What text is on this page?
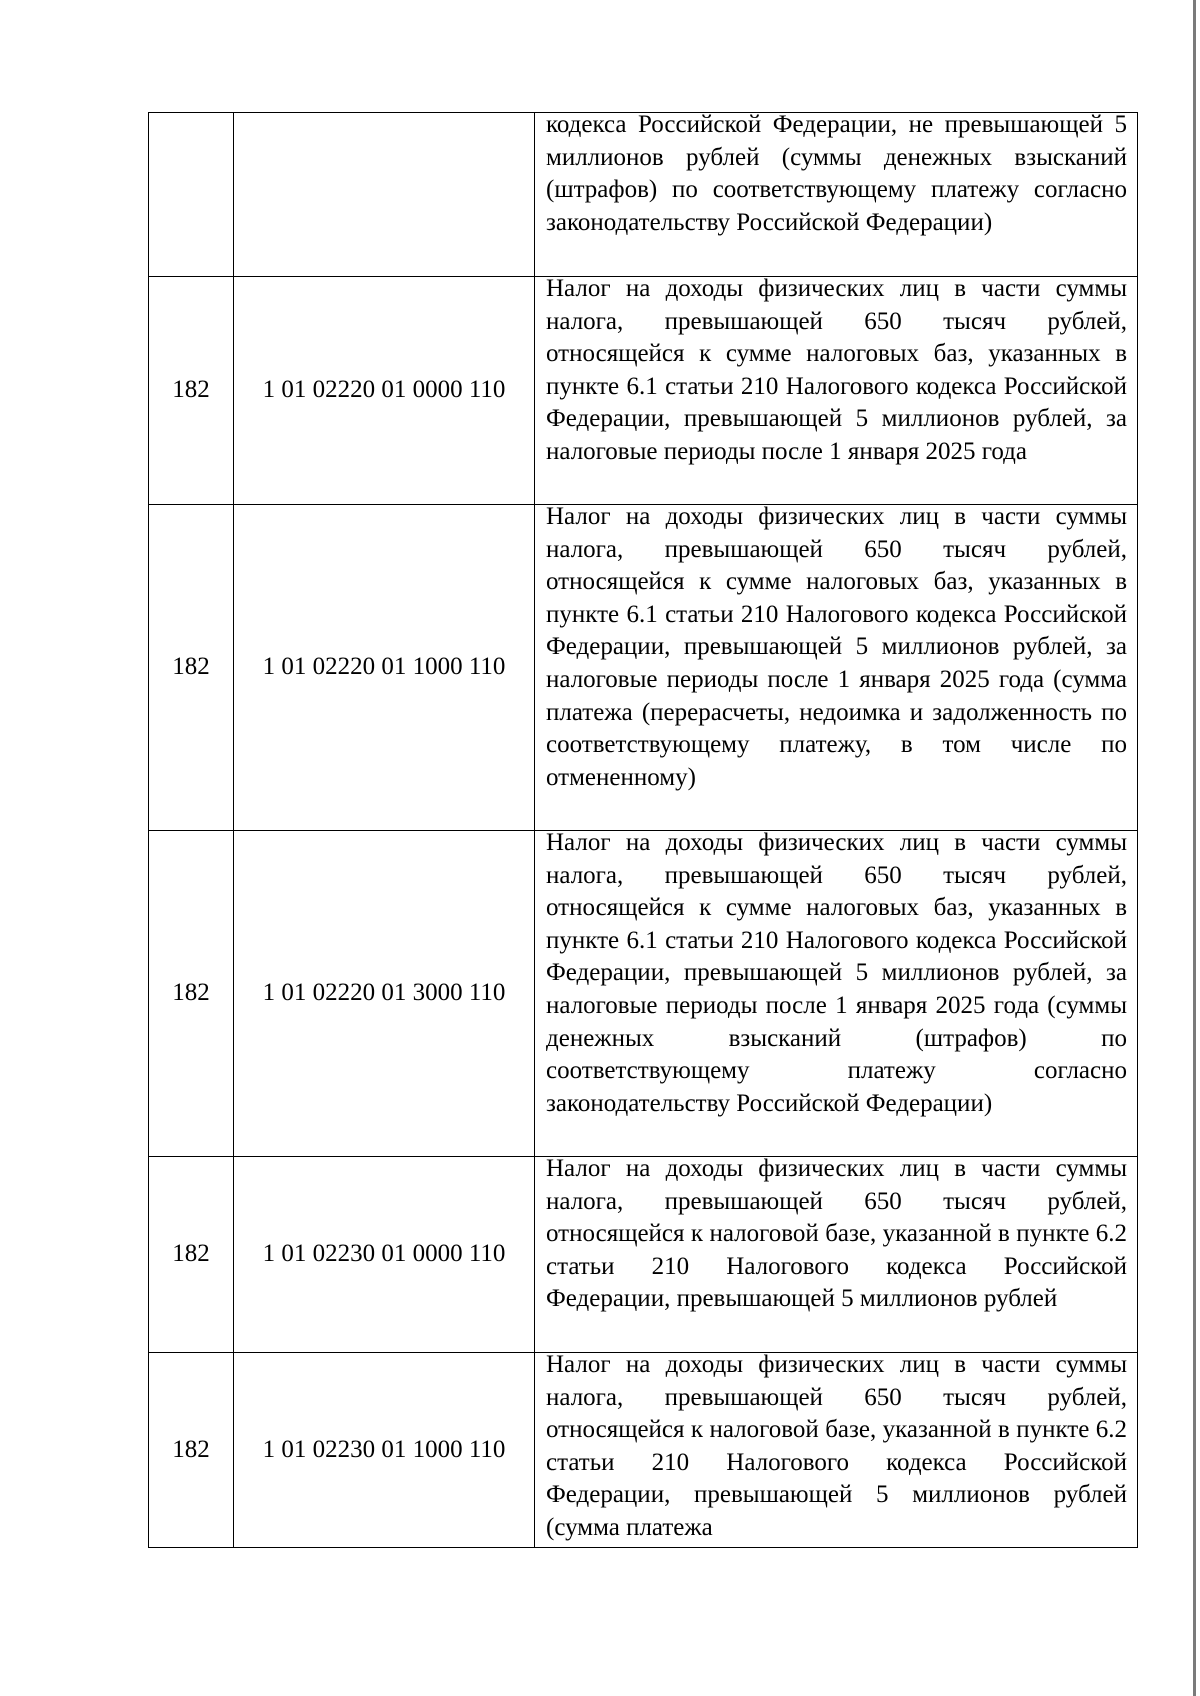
		кодекса Российской Федерации, не превышающей 5 миллионов рублей (суммы денежных взысканий (штрафов) по соответствующему платежу согласно законодательству Российской Федерации)

182	1 01 02220 01 0000 110	Налог на доходы физических лиц в части суммы налога, превышающей 650 тысяч рублей, относящейся к сумме налоговых баз, указанных в пункте 6.1 статьи 210 Налогового кодекса Российской Федерации, превышающей 5 миллионов рублей, за налоговые периоды после 1 января 2025 года

182	1 01 02220 01 1000 110	Налог на доходы физических лиц в части суммы налога, превышающей 650 тысяч рублей, относящейся к сумме налоговых баз, указанных в пункте 6.1 статьи 210 Налогового кодекса Российской Федерации, превышающей 5 миллионов рублей, за налоговые периоды после 1 января 2025 года (сумма платежа (перерасчеты, недоимка и задолженность по соответствующему платежу, в том числе по отмененному)

182	1 01 02220 01 3000 110	Налог на доходы физических лиц в части суммы налога, превышающей 650 тысяч рублей, относящейся к сумме налоговых баз, указанных в пункте 6.1 статьи 210 Налогового кодекса Российской Федерации, превышающей 5 миллионов рублей, за налоговые периоды после 1 января 2025 года (суммы денежных взысканий (штрафов) по соответствующему платежу согласно законодательству Российской Федерации)

182	1 01 02230 01 0000 110	Налог на доходы физических лиц в части суммы налога, превышающей 650 тысяч рублей, относящейся к налоговой базе, указанной в пункте 6.2 статьи 210 Налогового кодекса Российской Федерации, превышающей 5 миллионов рублей

182	1 01 02230 01 1000 110	Налог на доходы физических лиц в части суммы налога, превышающей 650 тысяч рублей, относящейся к налоговой базе, указанной в пункте 6.2 статьи 210 Налогового кодекса Российской Федерации, превышающей 5 миллионов рублей (сумма платежа
